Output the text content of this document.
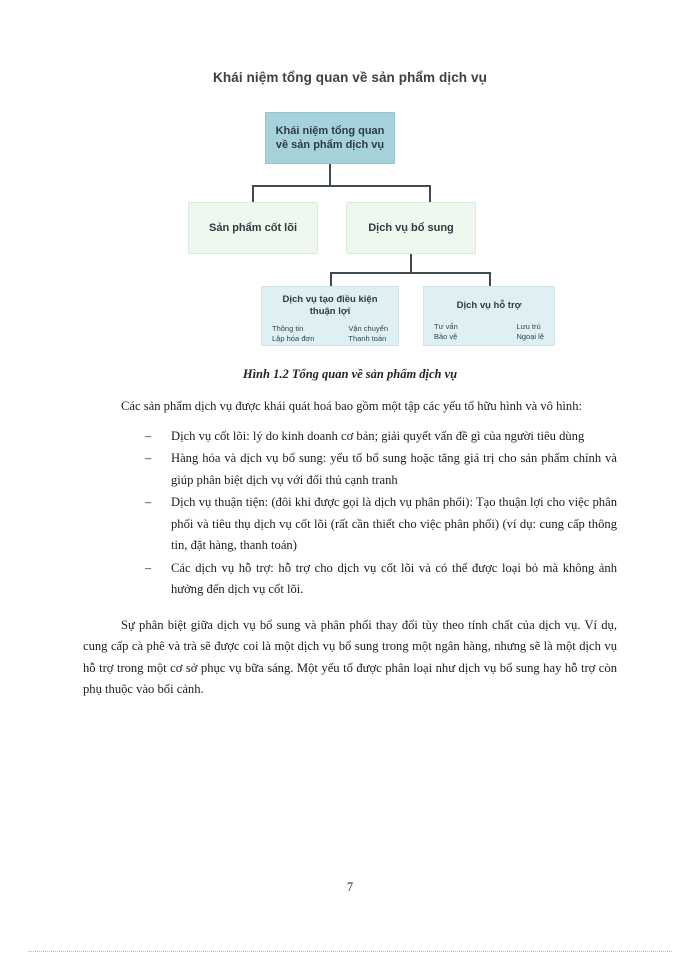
Khái niệm tổng quan về sản phẩm dịch vụ
Khái niệm tổng quan
về sản phẩm dịch vụ
Sản phẩm cốt lõi	Dịch vụ bổ sung
Dịch vụ tạo điều kiện
thuận lợi
Thông tin
Lập hóa đơn
Vận chuyển
Thanh toán
Dịch vụ hỗ trợ
Tư vấn
Bảo vệ
Lưu trú
Ngoại lệ
Hình 1.2 Tổng quan về sản phẩm dịch vụ

Các sản phẩm dịch vụ được khái quát hoá bao gồm một tập các yếu tố hữu hình và vô hình:

– Dịch vụ cốt lõi: lý do kinh doanh cơ bản; giải quyết vấn đề gì của người tiêu dùng
– Hàng hóa và dịch vụ bổ sung: yếu tố bổ sung hoặc tăng giá trị cho sản phẩm chính và giúp phân biệt dịch vụ với đối thủ cạnh tranh
– Dịch vụ thuận tiện: (đôi khi được gọi là dịch vụ phân phối): Tạo thuận lợi cho việc phân phối và tiêu thụ dịch vụ cốt lõi (rất cần thiết cho việc phân phối) (ví dụ: cung cấp thông tin, đặt hàng, thanh toán)
– Các dịch vụ hỗ trợ: hỗ trợ cho dịch vụ cốt lõi và có thể được loại bỏ mà không ảnh hưởng đến dịch vụ cốt lõi.

Sự phân biệt giữa dịch vụ bổ sung và phân phối thay đổi tùy theo tính chất của dịch vụ. Ví dụ, cung cấp cà phê và trà sẽ được coi là một dịch vụ bổ sung trong một ngân hàng, nhưng sẽ là một dịch vụ hỗ trợ trong một cơ sở phục vụ bữa sáng. Một yếu tố được phân loại như dịch vụ bổ sung hay hỗ trợ còn phụ thuộc vào bối cảnh.

7
